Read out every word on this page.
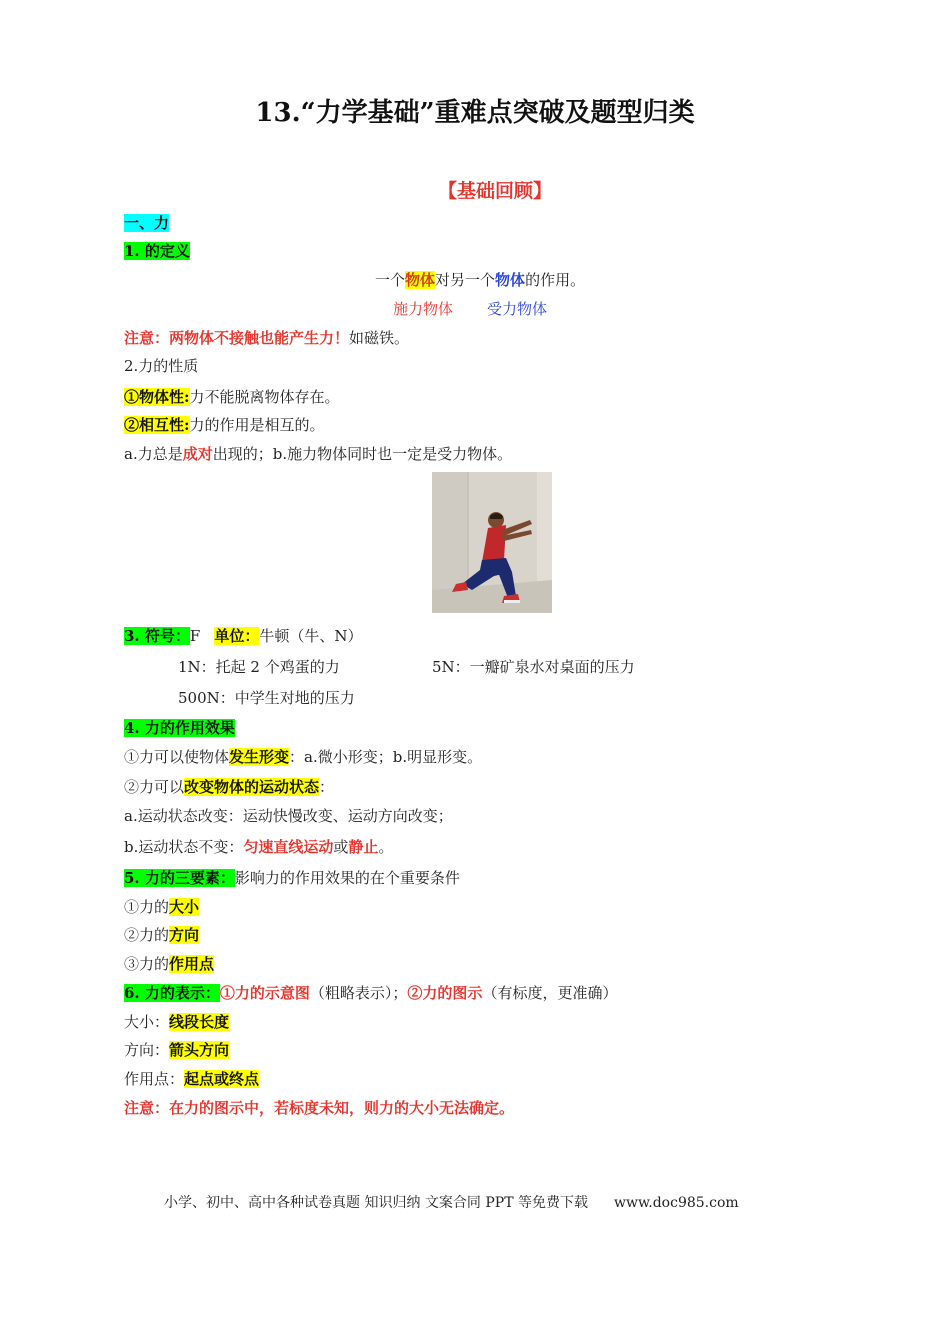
13.“力学基础”重难点突破及题型归类
【基础回顾】
一、力
1. 的定义
一个物体对另一个物体的作用。
施力物体 受力物体
注意：两物体不接触也能产生力！如磁铁。
2.力的性质
①物体性:力不能脱离物体存在。
②相互性:力的作用是相互的。
a.力总是成对出现的；b.施力物体同时也一定是受力物体。
3. 符号：F 单位：牛顿（牛、N）
1N：托起 2 个鸡蛋的力	5N：一瓣矿泉水对桌面的压力
500N：中学生对地的压力
4. 力的作用效果
①力可以使物体发生形变：a.微小形变；b.明显形变。
②力可以改变物体的运动状态：
a.运动状态改变：运动快慢改变、运动方向改变；
b.运动状态不变：匀速直线运动或静止。
5. 力的三要素：影响力的作用效果的在个重要条件
①力的大小
②力的方向
③力的作用点
6. 力的表示：①力的示意图（粗略表示）；②力的图示（有标度，更准确）
大小：线段长度
方向：箭头方向
作用点：起点或终点
注意：在力的图示中，若标度未知，则力的大小无法确定。
小学、初中、高中各种试卷真题 知识归纳 文案合同 PPT 等免费下载 www.doc985.com
